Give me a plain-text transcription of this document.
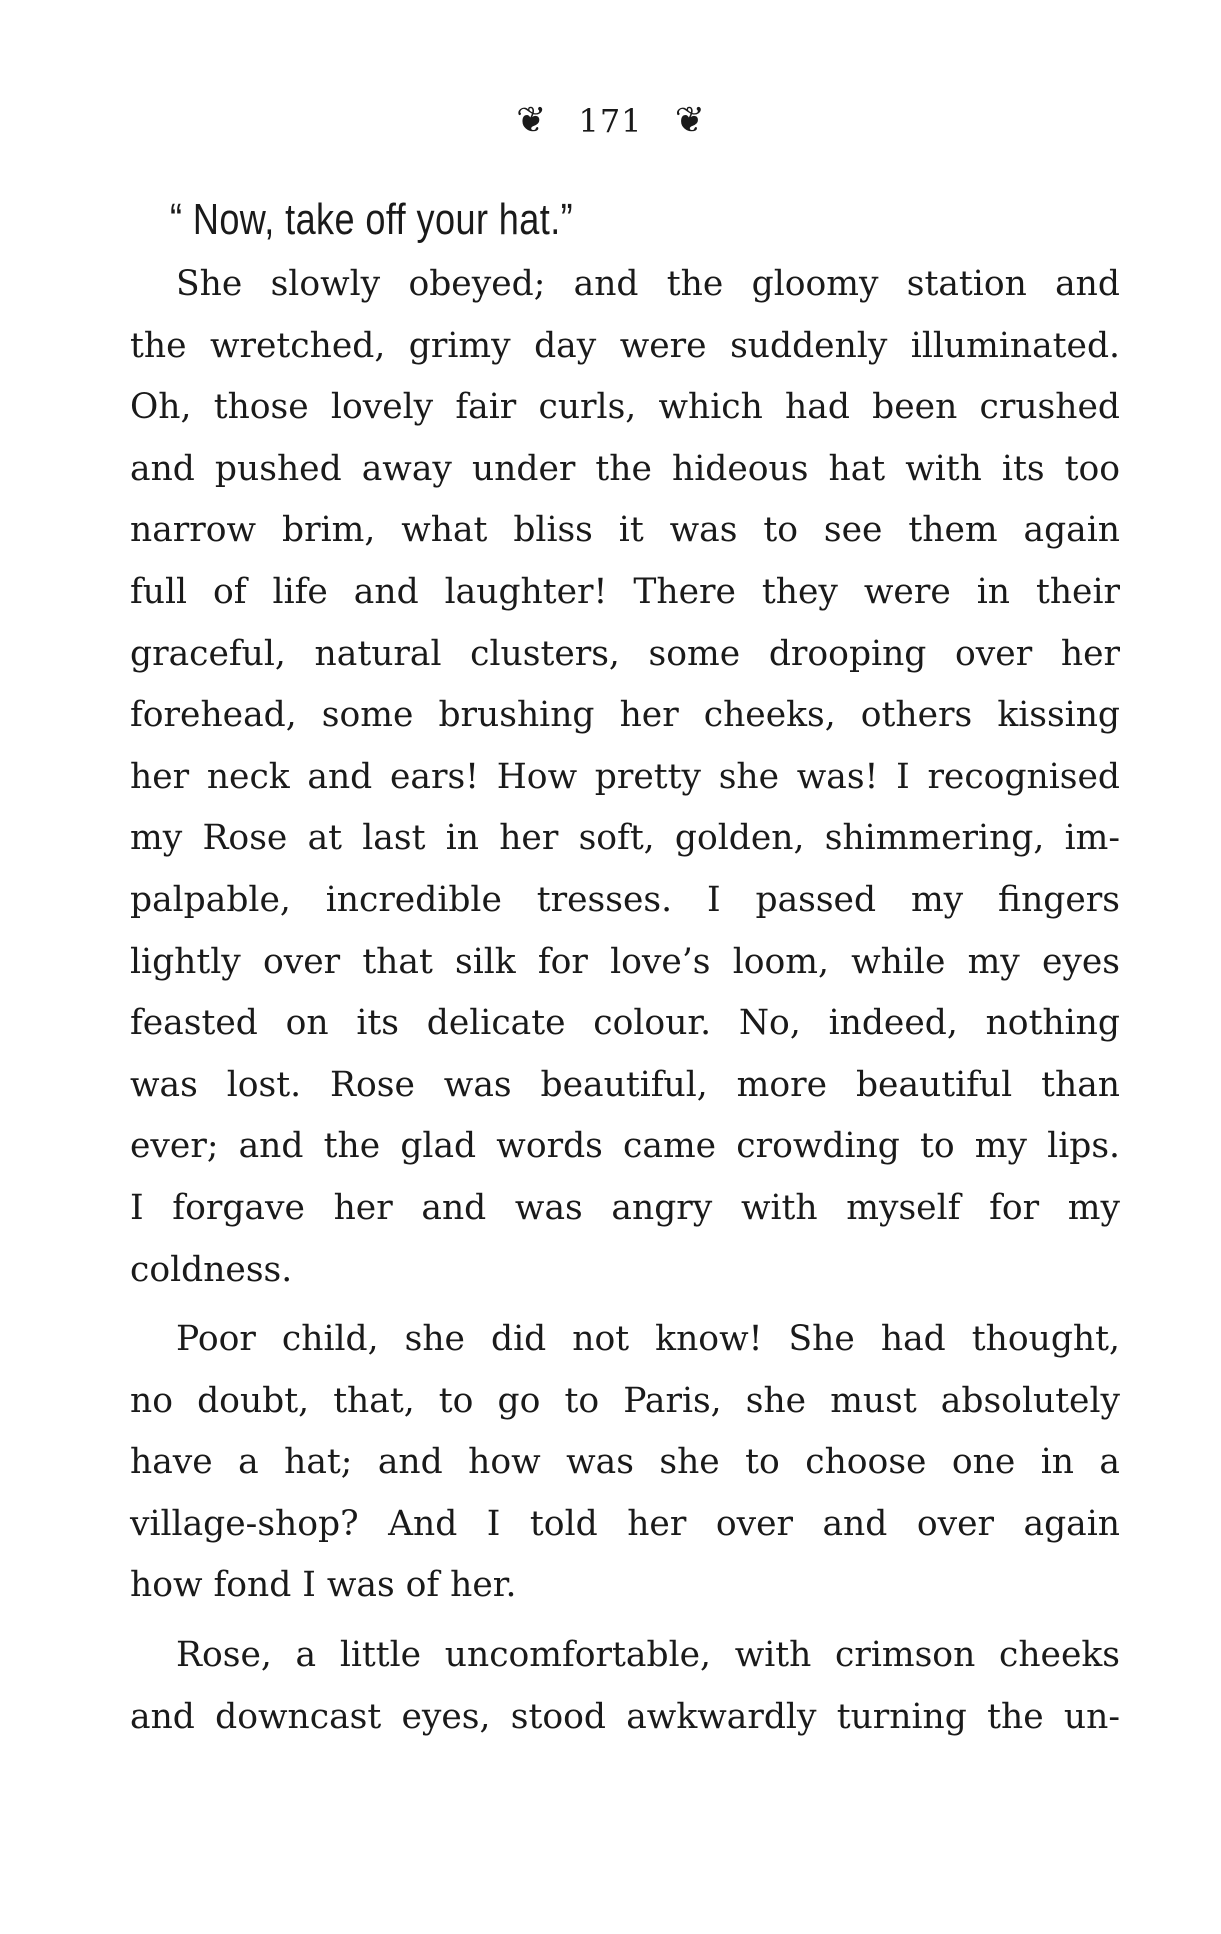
❦ 171 ❦
“ Now, take off your hat.”
She slowly obeyed; and the gloomy station and
the wretched, grimy day were suddenly illuminated.
Oh, those lovely fair curls, which had been crushed
and pushed away under the hideous hat with its too
narrow brim, what bliss it was to see them again
full of life and laughter! There they were in their
graceful, natural clusters, some drooping over her
forehead, some brushing her cheeks, others kissing
her neck and ears! How pretty she was! I recognised
my Rose at last in her soft, golden, shimmering, im-
palpable, incredible tresses. I passed my fingers
lightly over that silk for love’s loom, while my eyes
feasted on its delicate colour. No, indeed, nothing
was lost. Rose was beautiful, more beautiful than
ever; and the glad words came crowding to my lips.
I forgave her and was angry with myself for my
coldness.
Poor child, she did not know! She had thought,
no doubt, that, to go to Paris, she must absolutely
have a hat; and how was she to choose one in a
village-shop? And I told her over and over again
how fond I was of her.
Rose, a little uncomfortable, with crimson cheeks
and downcast eyes, stood awkwardly turning the un-
